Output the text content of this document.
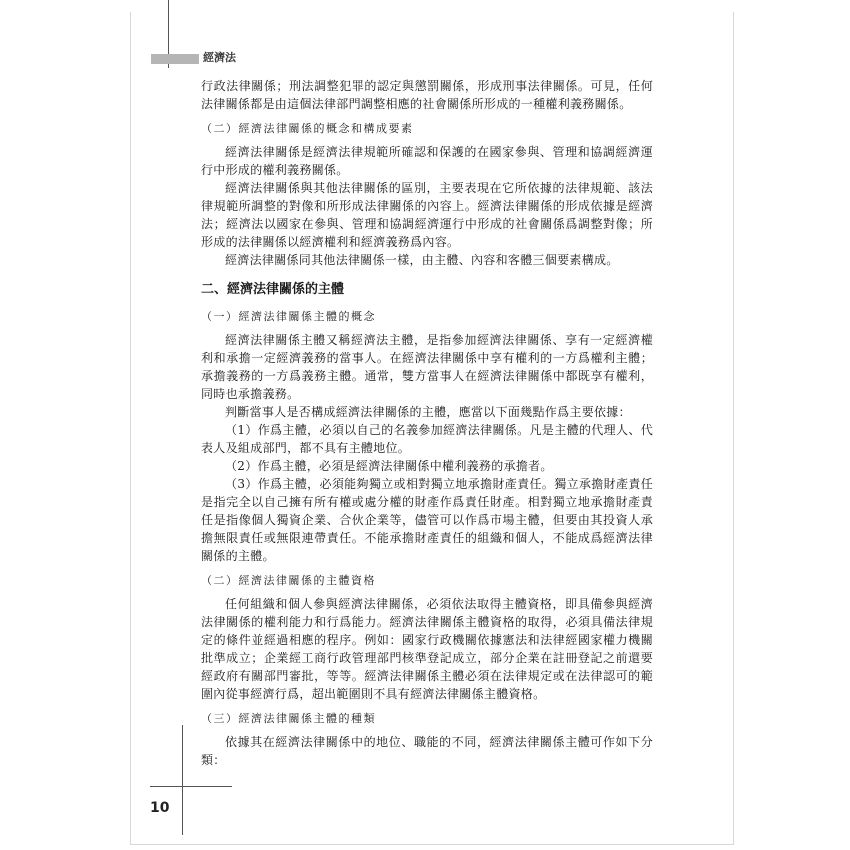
經濟法

行政法律關係；刑法調整犯罪的認定與懲罰關係，形成刑事法律關係。可見，任何法律關係都是由這個法律部門調整相應的社會關係所形成的一種權利義務關係。

（二）經濟法律關係的概念和構成要素

經濟法律關係是經濟法律規範所確認和保護的在國家參與、管理和協調經濟運行中形成的權利義務關係。

經濟法律關係與其他法律關係的區別，主要表現在它所依據的法律規範、該法律規範所調整的對像和所形成法律關係的內容上。經濟法律關係的形成依據是經濟法；經濟法以國家在參與、管理和協調經濟運行中形成的社會關係爲調整對像；所形成的法律關係以經濟權利和經濟義務爲內容。

經濟法律關係同其他法律關係一樣，由主體、內容和客體三個要素構成。

二、經濟法律關係的主體

（一）經濟法律關係主體的概念

經濟法律關係主體又稱經濟法主體，是指參加經濟法律關係、享有一定經濟權利和承擔一定經濟義務的當事人。在經濟法律關係中享有權利的一方爲權利主體；承擔義務的一方爲義務主體。通常，雙方當事人在經濟法律關係中都既享有權利，同時也承擔義務。

判斷當事人是否構成經濟法律關係的主體，應當以下面幾點作爲主要依據：

（1）作爲主體，必須以自己的名義參加經濟法律關係。凡是主體的代理人、代表人及組成部門，都不具有主體地位。

（2）作爲主體，必須是經濟法律關係中權利義務的承擔者。

（3）作爲主體，必須能夠獨立或相對獨立地承擔財產責任。獨立承擔財產責任是指完全以自己擁有所有權或處分權的財產作爲責任財產。相對獨立地承擔財產責任是指像個人獨資企業、合伙企業等，儘管可以作爲市場主體，但要由其投資人承擔無限責任或無限連帶責任。不能承擔財產責任的組織和個人，不能成爲經濟法律關係的主體。

（二）經濟法律關係的主體資格

任何組織和個人參與經濟法律關係，必須依法取得主體資格，即具備參與經濟法律關係的權利能力和行爲能力。經濟法律關係主體資格的取得，必須具備法律規定的條件並經過相應的程序。例如：國家行政機關依據憲法和法律經國家權力機關批準成立；企業經工商行政管理部門核準登記成立，部分企業在註冊登記之前還要經政府有關部門審批，等等。經濟法律關係主體必須在法律規定或在法律認可的範圍內從事經濟行爲，超出範圍則不具有經濟法律關係主體資格。

（三）經濟法律關係主體的種類

依據其在經濟法律關係中的地位、職能的不同，經濟法律關係主體可作如下分類：

10
